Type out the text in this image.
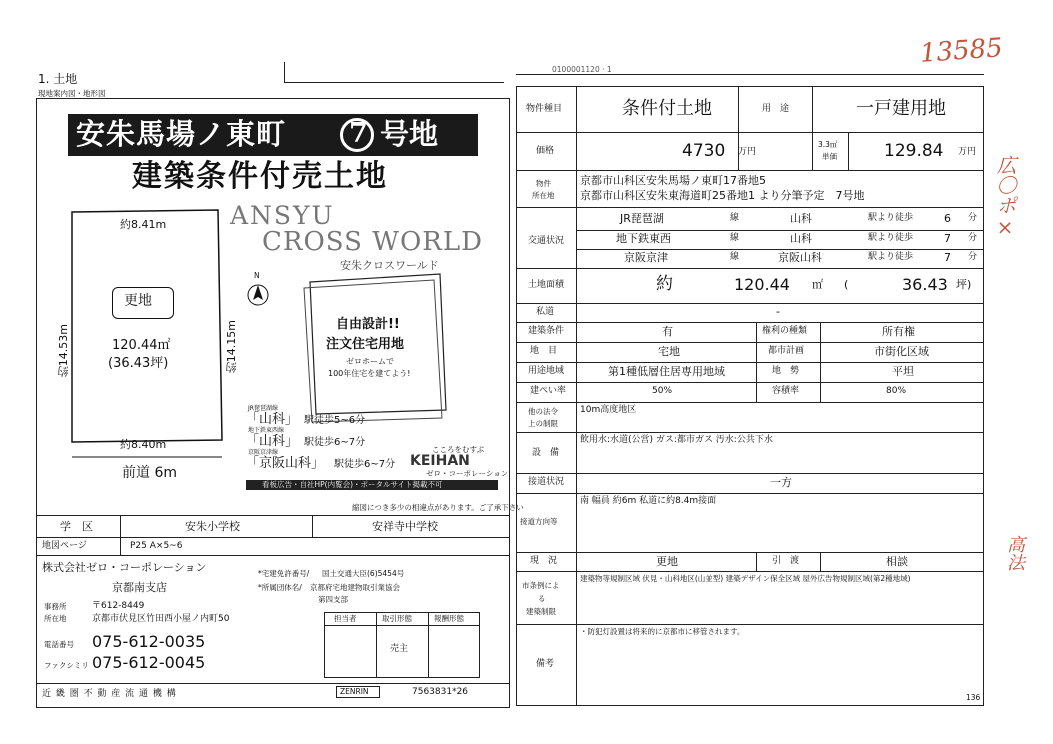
13585
広〇ポ×
高法
1. 土地
現地案内図・地形図
安朱馬場ノ東町 7 号地
建築条件付売土地
ANSYU
CROSS WORLD
安朱クロスワールド
約8.41m
約8.40m
約14.53m	約14.15m
更地
120.44㎡
(36.43坪)
前道 6m
N
自由設計!!
注文住宅用地
ゼロホームで
100年住宅を建てよう!
JR琵琶湖線
「山科」 駅徒歩5~6分
地下鉄東西線
「山科」 駅徒歩6~7分
京阪京津線
「京阪山科」 駅徒歩6~7分
こころをむすぶ
KEIHAN
ゼロ・コーポレーション
看板広告・自社HP(内覧会)・ポータルサイト掲載不可
縮図につき多少の相違点があります。ご了承下さい
学　区	安朱小学校	安祥寺中学校
地図ページ	P25 A×5~6
株式会社ゼロ・コーポレーション
京都南支店
事務所
所在地
〒612-8449
京都市伏見区竹田西小屋ノ内町50
電話番号 075-612-0035
ファクシミリ 075-612-0045
*宅建免許番号/ 国土交通大臣(6)5454号
*所属団体名/ 京都府宅地建物取引業協会
第四支部
担当者	取引形態	報酬形態
売主
近 畿 圏 不 動 産 流 通 機 構	ZENRIN	7563831*26
0100001120 · 1
物件種目	条件付土地	用　途	一戸建用地
価格	4730 万円
3.3㎡
単価	129.84 万円
物件
所在地
京都市山科区安朱馬場ノ東町17番地5
京都市山科区安朱東海道町25番地1 より分筆予定　7号地
交通状況
JR琵琶湖	線	山科	駅より徒歩	6 分
地下鉄東西	線	山科	駅より徒歩	7 分
京阪京津	線	京阪山科	駅より徒歩	7 分
土地面積	約	120.44 ㎡ (	36.43 坪)
私道	-
建築条件	有	権利の種類	所有権
地　目	宅地	都市計画	市街化区域
用途地域	第1種低層住居専用地域	地　勢	平坦
建ぺい率	50%	容積率	80%
他の法令
上の制限
10m高度地区
設　備
飲用水:水道(公営) ガス:都市ガス 汚水:公共下水
接道状況	一方
接道方向等
南 幅員 約6m 私道に約8.4m接面
現　況	更地	引　渡	相談
市条例によ
る
建築制限
建築物等規制区域 伏見・山科地区(山並型) 建築デザイン保全区域 屋外広告物規制区域(第2種地域)
備考
・防犯灯設置は将来的に京都市に移管されます。
136
